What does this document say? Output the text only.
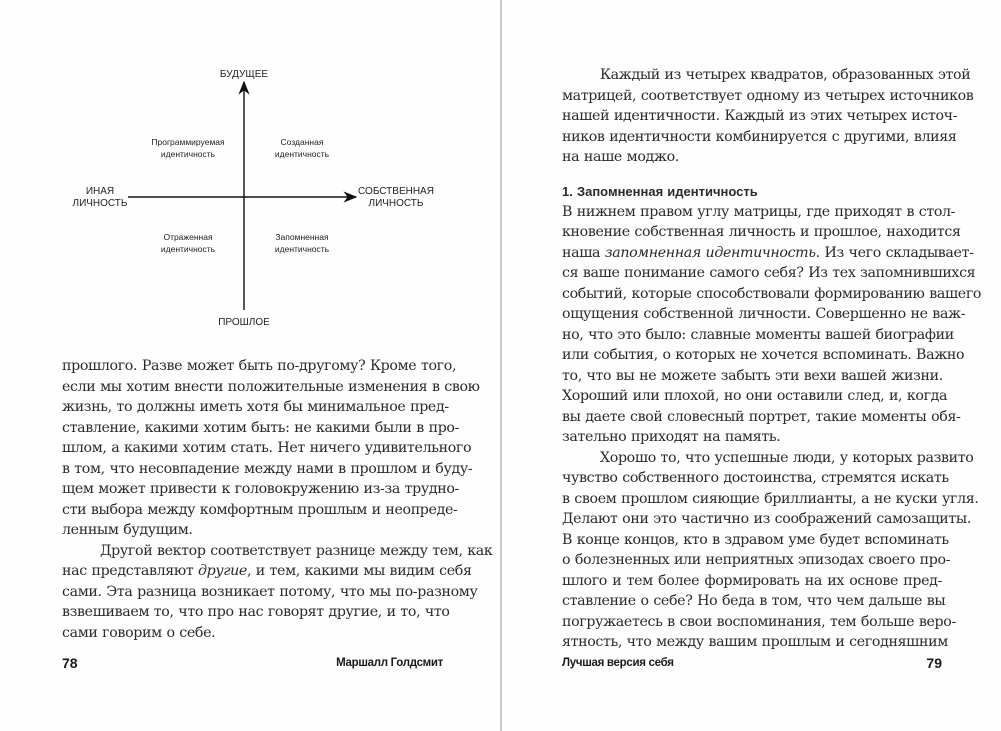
БУДУЩЕЕ
ПРОШЛОЕ
ИНАЯ
ЛИЧНОСТЬ
СОБСТВЕННАЯ
ЛИЧНОСТЬ
Программируемая
идентичность
Созданная
идентичность
Отраженная
идентичность
Запомненная
идентичность
прошлого. Разве может быть по-другому? Кроме того,
если мы хотим внести положительные изменения в свою
жизнь, то должны иметь хотя бы минимальное пред-
ставление, какими хотим быть: не какими были в про-
шлом, а какими хотим стать. Нет ничего удивительного
в том, что несовпадение между нами в прошлом и буду-
щем может привести к головокружению из-за трудно-
сти выбора между комфортным прошлым и неопреде-
ленным будущим.
Другой вектор соответствует разнице между тем, как
нас представляют другие, и тем, какими мы видим себя
сами. Эта разница возникает потому, что мы по-разному
взвешиваем то, что про нас говорят другие, и то, что
сами говорим о себе.
78	Маршалл Голдсмит
Каждый из четырех квадратов, образованных этой
матрицей, соответствует одному из четырех источников
нашей идентичности. Каждый из этих четырех источ-
ников идентичности комбинируется с другими, влияя
на наше моджо.
1. Запомненная идентичность
В нижнем правом углу матрицы, где приходят в стол-
кновение собственная личность и прошлое, находится
наша запомненная идентичность. Из чего складывает-
ся ваше понимание самого себя? Из тех запомнившихся
событий, которые способствовали формированию вашего
ощущения собственной личности. Совершенно не важ-
но, что это было: славные моменты вашей биографии
или события, о которых не хочется вспоминать. Важно
то, что вы не можете забыть эти вехи вашей жизни.
Хороший или плохой, но они оставили след, и, когда
вы даете свой словесный портрет, такие моменты обя-
зательно приходят на память.
Хорошо то, что успешные люди, у которых развито
чувство собственного достоинства, стремятся искать
в своем прошлом сияющие бриллианты, а не куски угля.
Делают они это частично из соображений самозащиты.
В конце концов, кто в здравом уме будет вспоминать
о болезненных или неприятных эпизодах своего про-
шлого и тем более формировать на их основе пред-
ставление о себе? Но беда в том, что чем дальше вы
погружаетесь в свои воспоминания, тем больше веро-
ятность, что между вашим прошлым и сегодняшним
Лучшая версия себя	79
